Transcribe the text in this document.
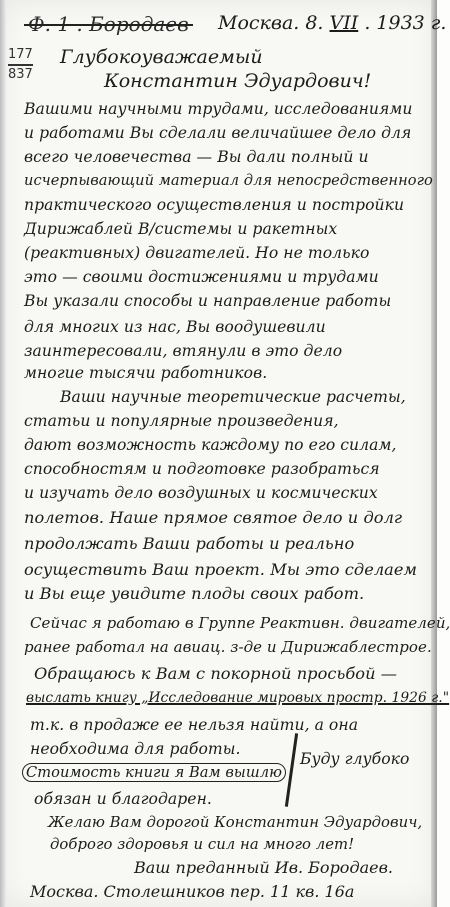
Ф. 1 . Бородаев Москва. 8. VII . 1933 г.
177
837
Глубокоуважаемый
Константин Эдуардович!
Вашими научными трудами, исследованиями
и работами Вы сделали величайшее дело для
всего человечества — Вы дали полный и
исчерпывающий материал для непосредственного
практического осуществления и постройки
Дирижаблей В/системы и ракетных
(реактивных) двигателей. Но не только
это — своими достижениями и трудами
Вы указали способы и направление работы
для многих из нас, Вы воодушевили
заинтересовали, втянули в это дело
многие тысячи работников.
Ваши научные теоретические расчеты,
статьи и популярные произведения,
дают возможность каждому по его силам,
способностям и подготовке разобраться
и изучать дело воздушных и космических
полетов. Наше прямое святое дело и долг
продолжать Ваши работы и реально
осуществить Ваш проект. Мы это сделаем
и Вы еще увидите плоды своих работ.
Сейчас я работаю в Группе Реактивн. двигателей,
ранее работал на авиац. з-де и Дирижаблестрое.
Обращаюсь к Вам с покорной просьбой —
выслать книгу „Исследование мировых простр. 1926 г."
т.к. в продаже ее нельзя найти, а она
необходима для работы.
Стоимость книги я Вам вышлю
Буду глубоко
обязан и благодарен.
Желаю Вам дорогой Константин Эдуардович,
Ваш преданный Ив. Бородаев.
Москва. Столешников пер. 11 кв. 16а
доброго здоровья и сил на много лет!
